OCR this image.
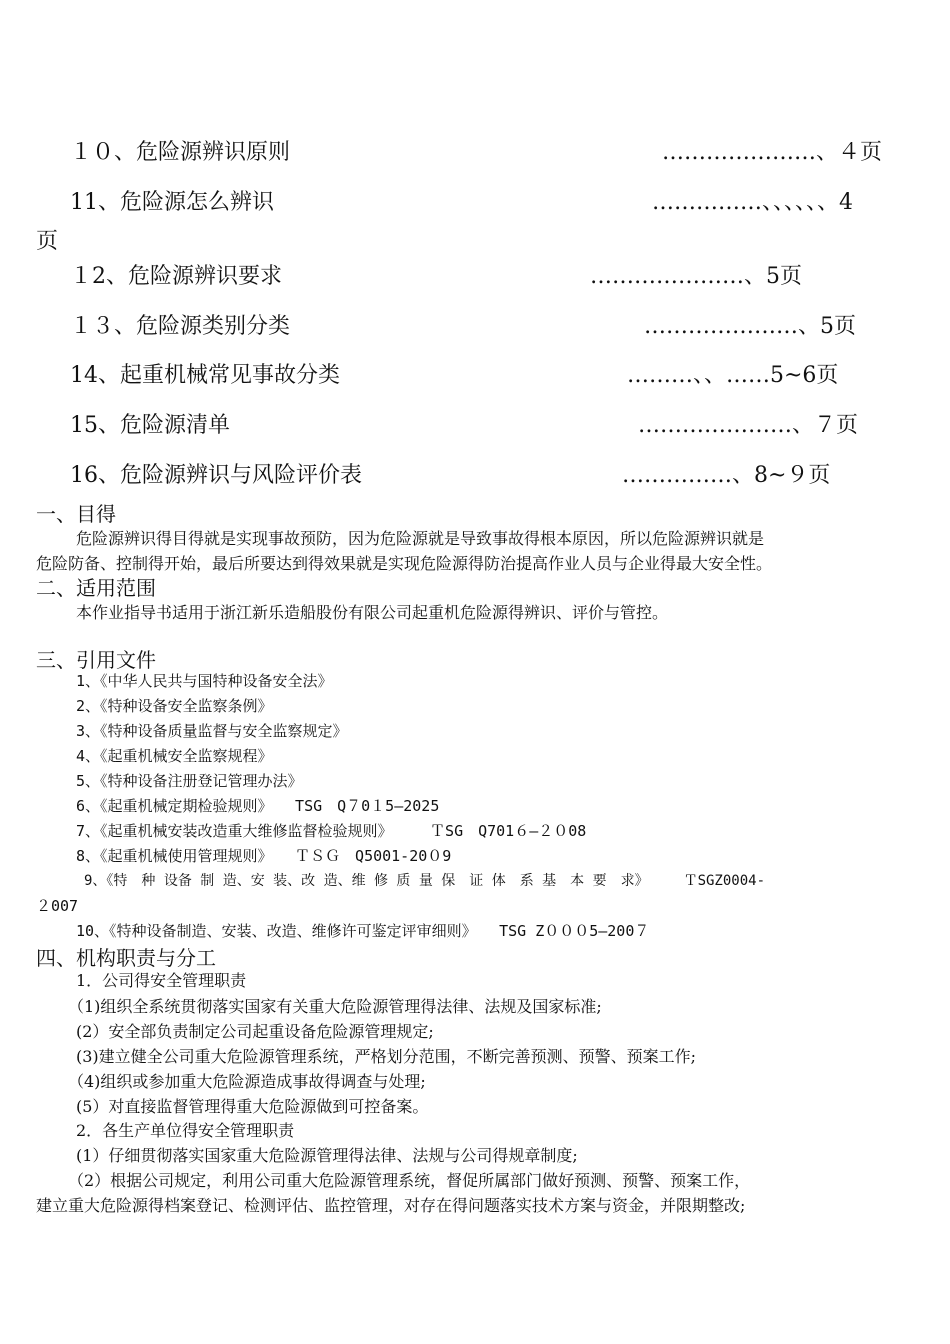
１０、危险源辨识原则	…………………、４页
11、危险源怎么辨识	……………、、、、、、4
页
１2、危险源辨识要求	…………………、5页
１３、危险源类别分类	…………………、5页
14、起重机械常见事故分类	………、、……5~6页
15、危险源清单	…………………、７页
16、危险源辨识与风险评价表	……………、8~９页
一、目得
危险源辨识得目得就是实现事故预防，因为危险源就是导致事故得根本原因，所以危险源辨识就是
危险防备、控制得开始，最后所要达到得效果就是实现危险源得防治提高作业人员与企业得最大安全性。
二、适用范围
本作业指导书适用于浙江新乐造船股份有限公司起重机危险源得辨识、评价与管控。
三、引用文件
1、《中华人民共与国特种设备安全法》
2、《特种设备安全监察条例》
3、《特种设备质量监督与安全监察规定》
4、《起重机械安全监察规程》
5、《特种设备注册登记管理办法》
6、《起重机械定期检验规则》　　TSG　Q７0１5—2025
7、《起重机械安装改造重大维修监督检验规则》　　　ＴSG　Q701６—２０08
8、《起重机械使用管理规则》　　ＴＳＧ　Q5001-20０9
9、《特　种 设备 制 造、安 装、改 造、维 修 质 量 保　证 体　系 基　本 要　求》　　　ＴSGZ0004-
２007
10、《特种设备制造、安装、改造、维修许可鉴定评审细则》　　TSG Z０００5—200７
四、机构职责与分工
1．公司得安全管理职责
（1)组织全系统贯彻落实国家有关重大危险源管理得法律、法规及国家标准;
(2）安全部负责制定公司起重设备危险源管理规定;
(3)建立健全公司重大危险源管理系统，严格划分范围，不断完善预测、预警、预案工作;
（4)组织或参加重大危险源造成事故得调查与处理;
(5）对直接监督管理得重大危险源做到可控备案。
2．各生产单位得安全管理职责
(1）仔细贯彻落实国家重大危险源管理得法律、法规与公司得规章制度;
（2）根据公司规定，利用公司重大危险源管理系统，督促所属部门做好预测、预警、预案工作，
建立重大危险源得档案登记、检测评估、监控管理，对存在得问题落实技术方案与资金，并限期整改;
